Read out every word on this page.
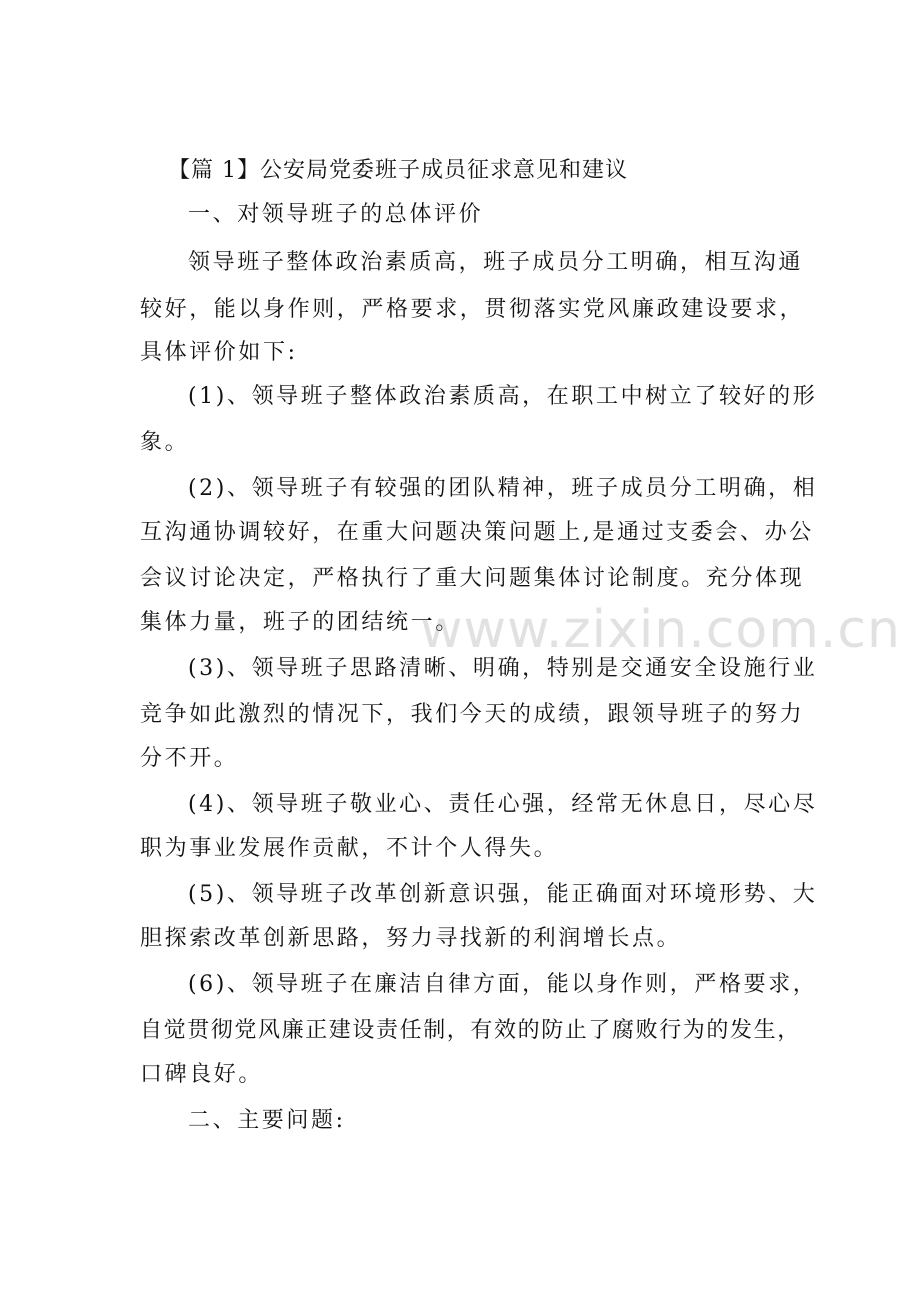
【篇 1】公安局党委班子成员征求意见和建议
一、对领导班子的总体评价
领导班子整体政治素质高，班子成员分工明确，相互沟通
较好，能以身作则，严格要求，贯彻落实党风廉政建设要求，
具体评价如下:
(1)、领导班子整体政治素质高，在职工中树立了较好的形
象。
(2)、领导班子有较强的团队精神，班子成员分工明确，相
互沟通协调较好，在重大问题决策问题上,是通过支委会、办公
会议讨论决定，严格执行了重大问题集体讨论制度。充分体现
集体力量，班子的团结统一。
(3)、领导班子思路清晰、明确，特别是交通安全设施行业
竞争如此激烈的情况下，我们今天的成绩，跟领导班子的努力
分不开。
(4)、领导班子敬业心、责任心强，经常无休息日，尽心尽
职为事业发展作贡献，不计个人得失。
(5)、领导班子改革创新意识强，能正确面对环境形势、大
胆探索改革创新思路，努力寻找新的利润增长点。
(6)、领导班子在廉洁自律方面，能以身作则，严格要求，
自觉贯彻党风廉正建设责任制，有效的防止了腐败行为的发生，
口碑良好。
二、主要问题:
www.zixin.com.cn
